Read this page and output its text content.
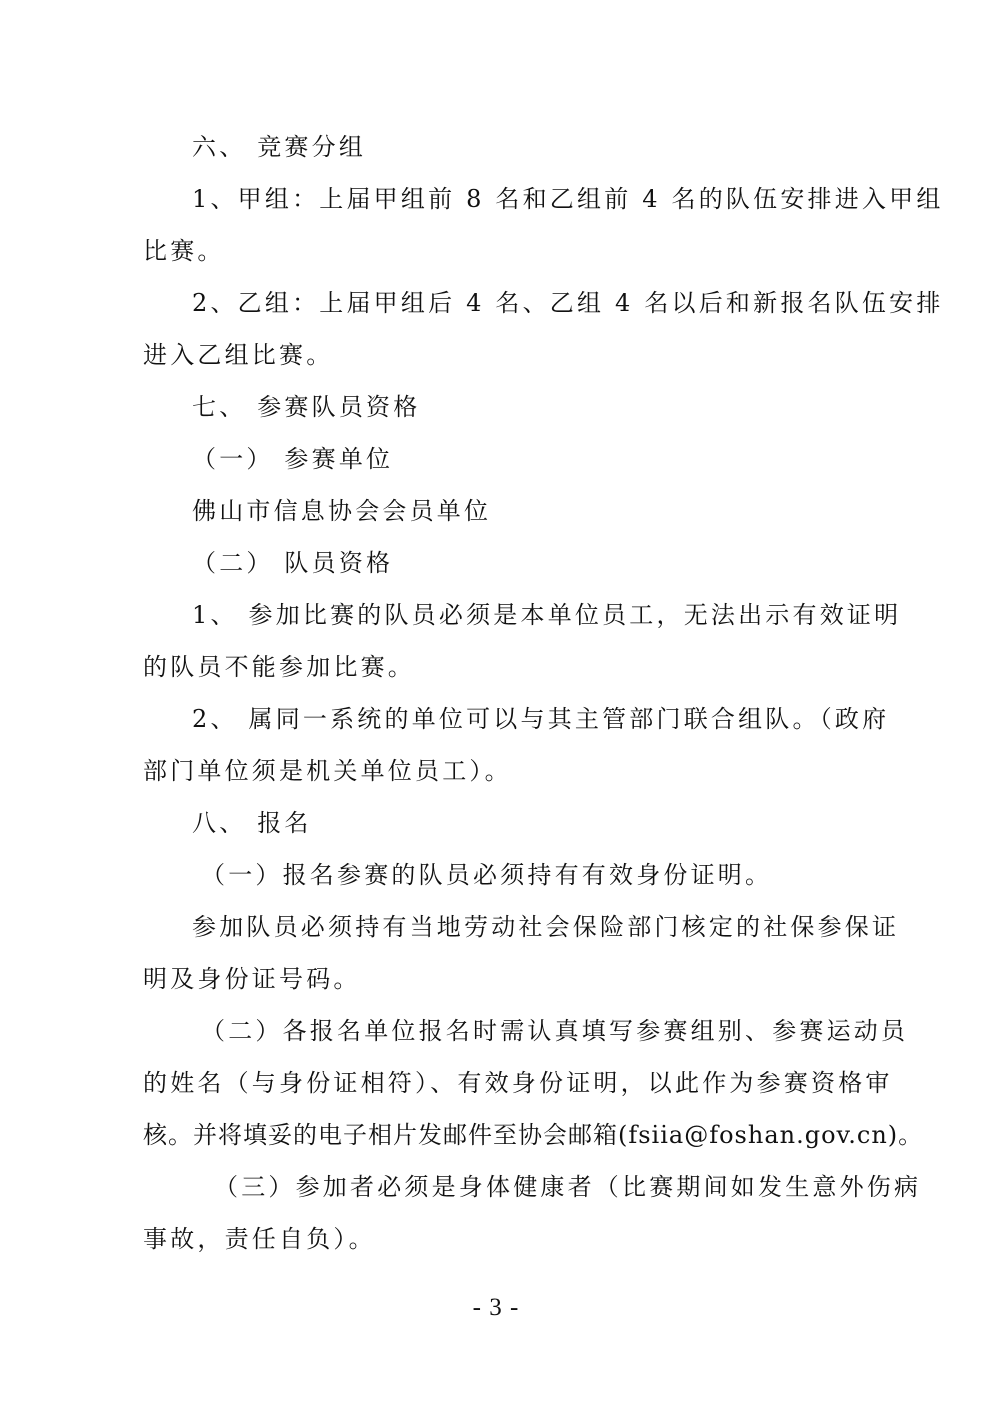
六、 竞赛分组
1、甲组：上届甲组前 8 名和乙组前 4 名的队伍安排进入甲组
比赛。
2、乙组：上届甲组后 4 名、乙组 4 名以后和新报名队伍安排
进入乙组比赛。
七、 参赛队员资格
（一） 参赛单位
佛山市信息协会会员单位
（二） 队员资格
1、 参加比赛的队员必须是本单位员工，无法出示有效证明
的队员不能参加比赛。
2、 属同一系统的单位可以与其主管部门联合组队。（政府
部门单位须是机关单位员工）。
八、 报名
（一）报名参赛的队员必须持有有效身份证明。
参加队员必须持有当地劳动社会保险部门核定的社保参保证
明及身份证号码。
（二）各报名单位报名时需认真填写参赛组别、参赛运动员
的姓名（与身份证相符）、有效身份证明，以此作为参赛资格审
核。并将填妥的电子相片发邮件至协会邮箱(fsiia@foshan.gov.cn)。
（三）参加者必须是身体健康者（比赛期间如发生意外伤病
事故，责任自负）。
- 3 -
